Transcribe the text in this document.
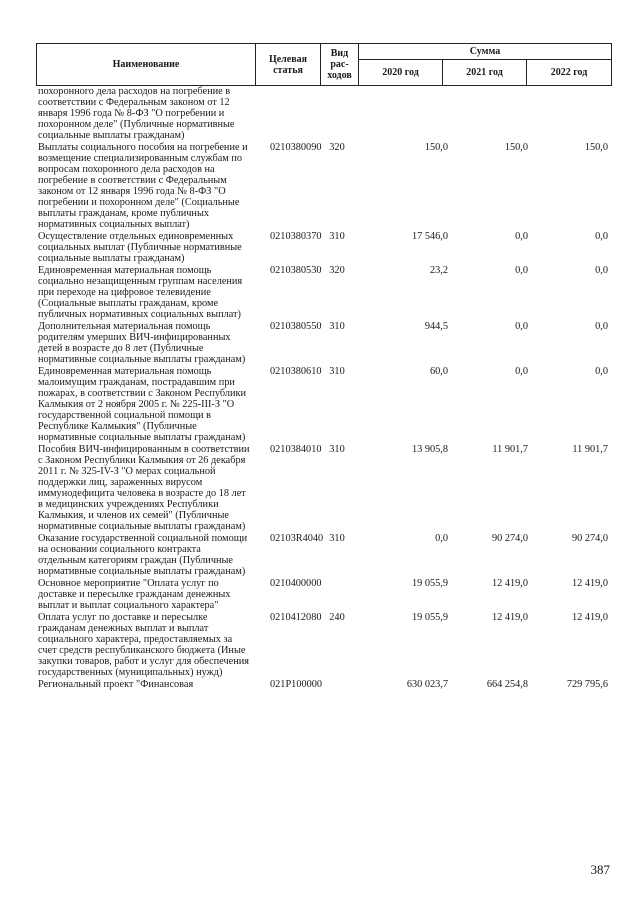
Наименование	Целевая статья	Вид рас- ходов	Сумма		
			2020 год	2021 год	2022 год
похоронного дела расходов на погребение в соответствии с Федеральным законом от 12 января 1996 года № 8-ФЗ "О погребении и похоронном деле" (Публичные нормативные социальные выплаты гражданам)
Выплаты социального пособия на погребение и возмещение специализированным службам по вопросам похоронного дела расходов на погребение в соответствии с Федеральным законом от 12 января 1996 года № 8-ФЗ "О погребении и похоронном деле" (Социальные выплаты гражданам, кроме публичных нормативных социальных выплат)
0210380090 320	150,0	150,0	150,0
Осуществление отдельных единовременных социальных выплат (Публичные нормативные социальные выплаты гражданам)
0210380370 310	17 546,0	0,0	0,0
Единовременная материальная помощь социально незащищенным группам населения при переходе на цифровое телевидение (Социальные выплаты гражданам, кроме публичных нормативных социальных выплат)
0210380530 320	23,2	0,0	0,0
Дополнительная материальная помощь родителям умерших ВИЧ-инфицированных детей в возрасте до 8 лет (Публичные нормативные социальные выплаты гражданам)
0210380550 310	944,5	0,0	0,0
Единовременная материальная помощь малоимущим гражданам, пострадавшим при пожарах, в соответствии с Законом Республики Калмыкия от 2 ноября 2005 г. № 225-III-З "О государственной социальной помощи в Республике Калмыкия" (Публичные нормативные социальные выплаты гражданам)
0210380610 310	60,0	0,0	0,0
Пособия ВИЧ-инфицированным в соответствии с Законом Республики Калмыкия от 26 декабря 2011 г. № 325-IV-З "О мерах социальной поддержки лиц, зараженных вирусом иммунодефицита человека в возрасте до 18 лет в медицинских учреждениях Республики Калмыкия, и членов их семей" (Публичные нормативные социальные выплаты гражданам)
0210384010 310	13 905,8	11 901,7	11 901,7
Оказание государственной социальной помощи на основании социального контракта отдельным категориям граждан (Публичные нормативные социальные выплаты гражданам)
02103R4040 310	0,0	90 274,0	90 274,0
Основное мероприятие "Оплата услуг по доставке и пересылке гражданам денежных выплат и выплат социального характера"
0210400000	19 055,9	12 419,0	12 419,0
Оплата услуг по доставке и пересылке гражданам денежных выплат и выплат социального характера, предоставляемых за счет средств республиканского бюджета (Иные закупки товаров, работ и услуг для обеспечения государственных (муниципальных) нужд)
0210412080 240	19 055,9	12 419,0	12 419,0
Региональный проект "Финансовая	021P100000	630 023,7	664 254,8	729 795,6
387
